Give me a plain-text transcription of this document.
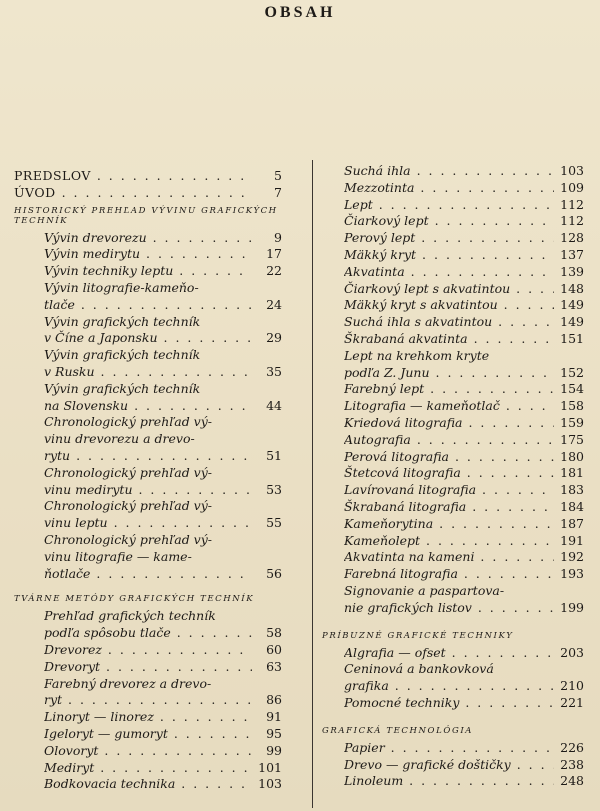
OBSAH
PREDSLOV . . .	5
ÚVOD . . .	7
HISTORICKÝ PREHĽAD VÝVINU GRAFICKÝCH TECHNÍK
Vývin drevorezu . . .	9
Vývin medirytu . . .	17
Vývin techniky leptu . . .	22
Vývin litografie-kameňo-
tlače . . .	24
Vývin grafických techník
v Číne a Japonsku . . .	29
Vývin grafických techník
v Rusku . . .	35
Vývin grafických techník
na Slovensku . . .	44
Chronologický prehľad vý-
vinu drevorezu a drevo-
rytu . . .	51
Chronologický prehľad vý-
vinu medirytu . . .	53
Chronologický prehľad vý-
vinu leptu . . .	55
Chronologický prehľad vý-
vinu litografie — kame-
ňotlače . . .	56
TVÁRNE METÓDY GRAFICKÝCH TECHNÍK
Prehľad grafických techník
podľa spôsobu tlače . . .	58
Drevorez . . .	60
Drevoryt . . .	63
Farebný drevorez a drevo-
ryt . . .	86
Linoryt — linorez . . .	91
Igeloryt — gumoryt . . .	95
Olovoryt . . .	99
Mediryt . . .	101
Bodkovacia technika . . .	103
Suchá ihla . . .	103
Mezzotinta . . .	109
Lept . . .	112
Čiarkový lept . . .	112
Perový lept . . .	128
Mäkký kryt . . .	137
Akvatinta . . .	139
Čiarkový lept s akvatintou . . .	148
Mäkký kryt s akvatintou . . .	149
Suchá ihla s akvatintou . . .	149
Škrabaná akvatinta . . .	151
Lept na krehkom kryte
podľa Z. Junu . . .	152
Farebný lept . . .	154
Litografia — kameňotlač . . .	158
Kriedová litografia . . .	159
Autografia . . .	175
Perová litografia . . .	180
Štetcová litografia . . .	181
Lavírovaná litografia . . .	183
Škrabaná litografia . . .	184
Kameňorytina . . .	187
Kameňolept . . .	191
Akvatinta na kameni . . .	192
Farebná litografia . . .	193
Signovanie a paspartova-
nie grafických listov . . .	199
PRÍBUZNÉ GRAFICKÉ TECHNIKY
Algrafia — ofset . . .	203
Ceninová a bankovková
grafika . . .	210
Pomocné techniky . . .	221
GRAFICKÁ TECHNOLÓGIA
Papier . . .	226
Drevo — grafické doštičky . . .	238
Linoleum . . .	248
